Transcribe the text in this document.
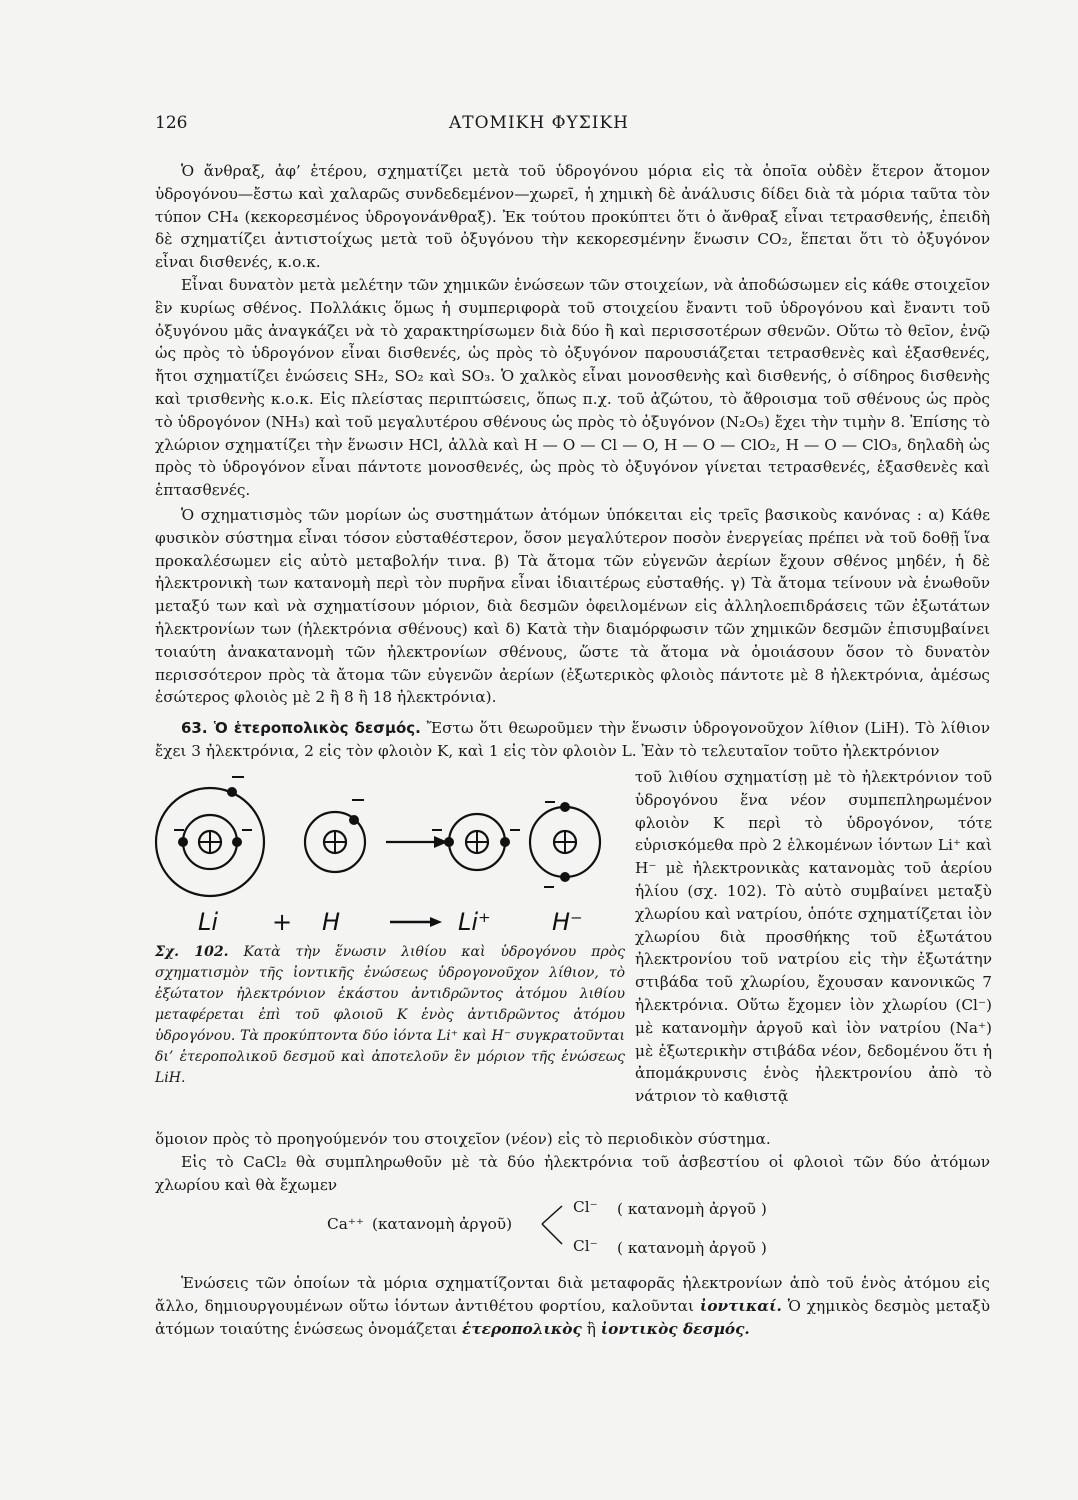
126	ΑΤΟΜΙΚΗ ΦΥΣΙΚΗ

Ὁ ἄνθραξ, ἀφ’ ἑτέρου, σχηματίζει μετὰ τοῦ ὑδρογόνου μόρια εἰς τὰ ὁποῖα οὐδὲν ἕτερον ἄτομον ὑδρογόνου—ἔστω καὶ χαλαρῶς συνδεδεμένον—χωρεῖ, ἡ χημικὴ δὲ ἀνάλυσις δίδει διὰ τὰ μόρια ταῦτα τὸν τύπον CH₄ (κεκορεσμένος ὑδρογονάνθραξ). Ἐκ τούτου προκύπτει ὅτι ὁ ἄνθραξ εἶναι τετρασθενής, ἐπειδὴ δὲ σχηματίζει ἀντιστοίχως μετὰ τοῦ ὀξυγόνου τὴν κεκορεσμένην ἕνωσιν CO₂, ἕπεται ὅτι τὸ ὀξυγόνον εἶναι δισθενές, κ.ο.κ.

Εἶναι δυνατὸν μετὰ μελέτην τῶν χημικῶν ἑνώσεων τῶν στοιχείων, νὰ ἀποδώσωμεν εἰς κάθε στοιχεῖον ἓν κυρίως σθένος. Πολλάκις ὅμως ἡ συμπεριφορὰ τοῦ στοιχείου ἔναντι τοῦ ὑδρογόνου καὶ ἔναντι τοῦ ὀξυγόνου μᾶς ἀναγκάζει νὰ τὸ χαρακτηρίσωμεν διὰ δύο ἢ καὶ περισσοτέρων σθενῶν. Οὕτω τὸ θεῖον, ἐνῷ ὡς πρὸς τὸ ὑδρογόνον εἶναι δισθενές, ὡς πρὸς τὸ ὀξυγόνον παρουσιάζεται τετρασθενὲς καὶ ἑξασθενές, ἤτοι σχηματίζει ἑνώσεις SH₂, SO₂ καὶ SO₃. Ὁ χαλκὸς εἶναι μονοσθενὴς καὶ δισθενής, ὁ σίδηρος δισθενὴς καὶ τρισθενὴς κ.ο.κ. Εἰς πλείστας περιπτώσεις, ὅπως π.χ. τοῦ ἀζώτου, τὸ ἄθροισμα τοῦ σθένους ὡς πρὸς τὸ ὑδρογόνον (NH₃) καὶ τοῦ μεγαλυτέρου σθένους ὡς πρὸς τὸ ὀξυγόνον (N₂O₅) ἔχει τὴν τιμὴν 8. Ἐπίσης τὸ χλώριον σχηματίζει τὴν ἕνωσιν HCl, ἀλλὰ καὶ H — O — Cl — O, H — O — ClO₂, H — O — ClO₃, δηλαδὴ ὡς πρὸς τὸ ὑδρογόνον εἶναι πάντοτε μονοσθενές, ὡς πρὸς τὸ ὀξυγόνον γίνεται τετρασθενές, ἑξασθενὲς καὶ ἑπτασθενές.

Ὁ σχηματισμὸς τῶν μορίων ὡς συστημάτων ἀτόμων ὑπόκειται εἰς τρεῖς βασικοὺς κανόνας : α) Κάθε φυσικὸν σύστημα εἶναι τόσον εὐσταθέστερον, ὅσον μεγαλύτερον ποσὸν ἐνεργείας πρέπει νὰ τοῦ δοθῇ ἵνα προκαλέσωμεν εἰς αὐτὸ μεταβολήν τινα. β) Τὰ ἄτομα τῶν εὐγενῶν ἀερίων ἔχουν σθένος μηδέν, ἡ δὲ ἠλεκτρονικὴ των κατανομὴ περὶ τὸν πυρῆνα εἶναι ἰδιαιτέρως εὐσταθής. γ) Τὰ ἄτομα τείνουν νὰ ἑνωθοῦν μεταξύ των καὶ νὰ σχηματίσουν μόριον, διὰ δεσμῶν ὀφειλομένων εἰς ἀλληλοεπιδράσεις τῶν ἐξωτάτων ἠλεκτρονίων των (ἠλεκτρόνια σθένους) καὶ δ) Κατὰ τὴν διαμόρφωσιν τῶν χημικῶν δεσμῶν ἐπισυμβαίνει τοιαύτη ἀνακατανομὴ τῶν ἠλεκτρονίων σθένους, ὥστε τὰ ἄτομα νὰ ὁμοιάσουν ὅσον τὸ δυνατὸν περισσότερον πρὸς τὰ ἄτομα τῶν εὐγενῶν ἀερίων (ἐξωτερικὸς φλοιὸς πάντοτε μὲ 8 ἠλεκτρόνια, ἀμέσως ἐσώτερος φλοιὸς μὲ 2 ἢ 8 ἢ 18 ἠλεκτρόνια).

63. Ὁ ἑτεροπολικὸς δεσμός. Ἔστω ὅτι θεωροῦμεν τὴν ἕνωσιν ὑδρογονοῦχον λίθιον (LiH). Τὸ λίθιον ἔχει 3 ἠλεκτρόνια, 2 εἰς τὸν φλοιὸν K, καὶ 1 εἰς τὸν φλοιὸν L. Ἐὰν τὸ τελευταῖον τοῦτο ἠλεκτρόνιον

Li + H	Li⁺	H⁻
Σχ. 102. Κατὰ τὴν ἕνωσιν λιθίου καὶ ὑδρογόνου πρὸς σχηματισμὸν τῆς ἰοντικῆς ἑνώσεως ὑδρογονοῦχον λίθιον, τὸ ἐξώτατον ἠλεκτρόνιον ἑκάστου ἀντιδρῶντος ἀτόμου λιθίου μεταφέρεται ἐπὶ τοῦ φλοιοῦ K ἑνὸς ἀντιδρῶντος ἀτόμου ὑδρογόνου. Τὰ προκύπτοντα δύο ἰόντα Li⁺ καὶ H⁻ συγκρατοῦνται δι’ ἑτεροπολικοῦ δεσμοῦ καὶ ἀποτελοῦν ἓν μόριον τῆς ἑνώσεως LiH.
τοῦ λιθίου σχηματίσῃ μὲ τὸ ἠλεκτρόνιον τοῦ ὑδρογόνου ἕνα νέον συμπεπληρωμένον φλοιὸν K περὶ τὸ ὑδρογόνον, τότε εὑρισκόμεθα πρὸ 2 ἑλκομένων ἰόντων Li⁺ καὶ H⁻ μὲ ἠλεκτρονικὰς κατανομὰς τοῦ ἀερίου ἡλίου (σχ. 102). Τὸ αὐτὸ συμβαίνει μεταξὺ χλωρίου καὶ νατρίου, ὁπότε σχηματίζεται ἰὸν χλωρίου διὰ προσθήκης τοῦ ἐξωτάτου ἠλεκτρονίου τοῦ νατρίου εἰς τὴν ἐξωτάτην στιβάδα τοῦ χλωρίου, ἔχουσαν κανονικῶς 7 ἠλεκτρόνια. Οὕτω ἔχομεν ἰὸν χλωρίου (Cl⁻) μὲ κατανομὴν ἀργοῦ καὶ ἰὸν νατρίου (Na⁺) μὲ ἐξωτερικὴν στιβάδα νέον, δεδομένου ὅτι ἡ ἀπομάκρυνσις ἑνὸς ἠλεκτρονίου ἀπὸ τὸ νάτριον τὸ καθιστᾷ

ὅμοιον πρὸς τὸ προηγούμενόν του στοιχεῖον (νέον) εἰς τὸ περιοδικὸν σύστημα.

Εἰς τὸ CaCl₂ θὰ συμπληρωθοῦν μὲ τὰ δύο ἠλεκτρόνια τοῦ ἀσβεστίου οἱ φλοιοὶ τῶν δύο ἀτόμων χλωρίου καὶ θὰ ἔχωμεν

Ca⁺⁺ (κατανομὴ ἀργοῦ)
Cl⁻ ( κατανομὴ ἀργοῦ )
Cl⁻ ( κατανομὴ ἀργοῦ )

Ἑνώσεις τῶν ὁποίων τὰ μόρια σχηματίζονται διὰ μεταφορᾶς ἠλεκτρονίων ἀπὸ τοῦ ἑνὸς ἀτόμου εἰς ἄλλο, δημιουργουμένων οὕτω ἰόντων ἀντιθέτου φορτίου, καλοῦνται ἰοντικαί. Ὁ χημικὸς δεσμὸς μεταξὺ ἀτόμων τοιαύτης ἑνώσεως ὀνομάζεται ἑτεροπολικὸς ἢ ἰοντικὸς δεσμός.
